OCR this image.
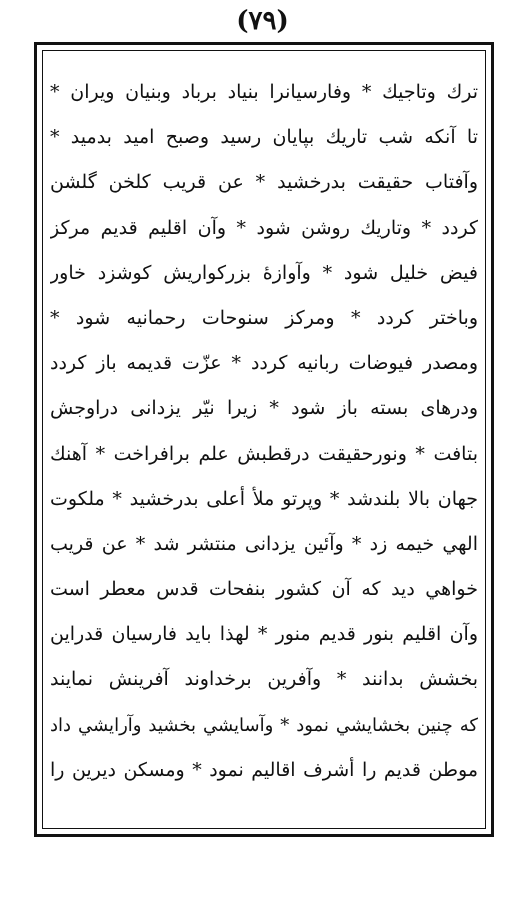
(٧٩)
ترك وتاجيك * وفارسيانرا بنياد برباد وبنيان ويران *
تا آنكه شب تاريك بپايان رسيد وصبح اميد بدميد *
وآفتاب حقيقت بدرخشيد * عن قريب كلخن گلشن
كردد * وتاريك روشن شود * وآن اقليم قديم مركز
فيض خليل شود * وآوازهٔ بزركواريش كوشزد خاور
وباختر كردد * ومركز سنوحات رحمانيه شود *
ومصدر فيوضات ربانيه كردد * عزّت قديمه باز كردد
ودرهاى بسته باز شود * زيرا نيّر يزدانى دراوجش
بتافت * ونورحقيقت درقطبش علم برافراخت * آهنك
جهان بالا بلندشد * وپرتو ملأ أعلى بدرخشيد * ملكوت
الهي خيمه زد * وآئين يزدانى منتشر شد * عن قريب
خواهي ديد كه آن كشور بنفحات قدس معطر است
وآن اقليم بنور قديم منور * لهذا بايد فارسيان قدراين
بخشش بدانند * وآفرين برخداوند آفرينش نمايند
كه چنين بخشايشي نمود * وآسايشي بخشيد وآرايشي داد
موطن قديم را أشرف اقاليم نمود * ومسكن ديرين را
